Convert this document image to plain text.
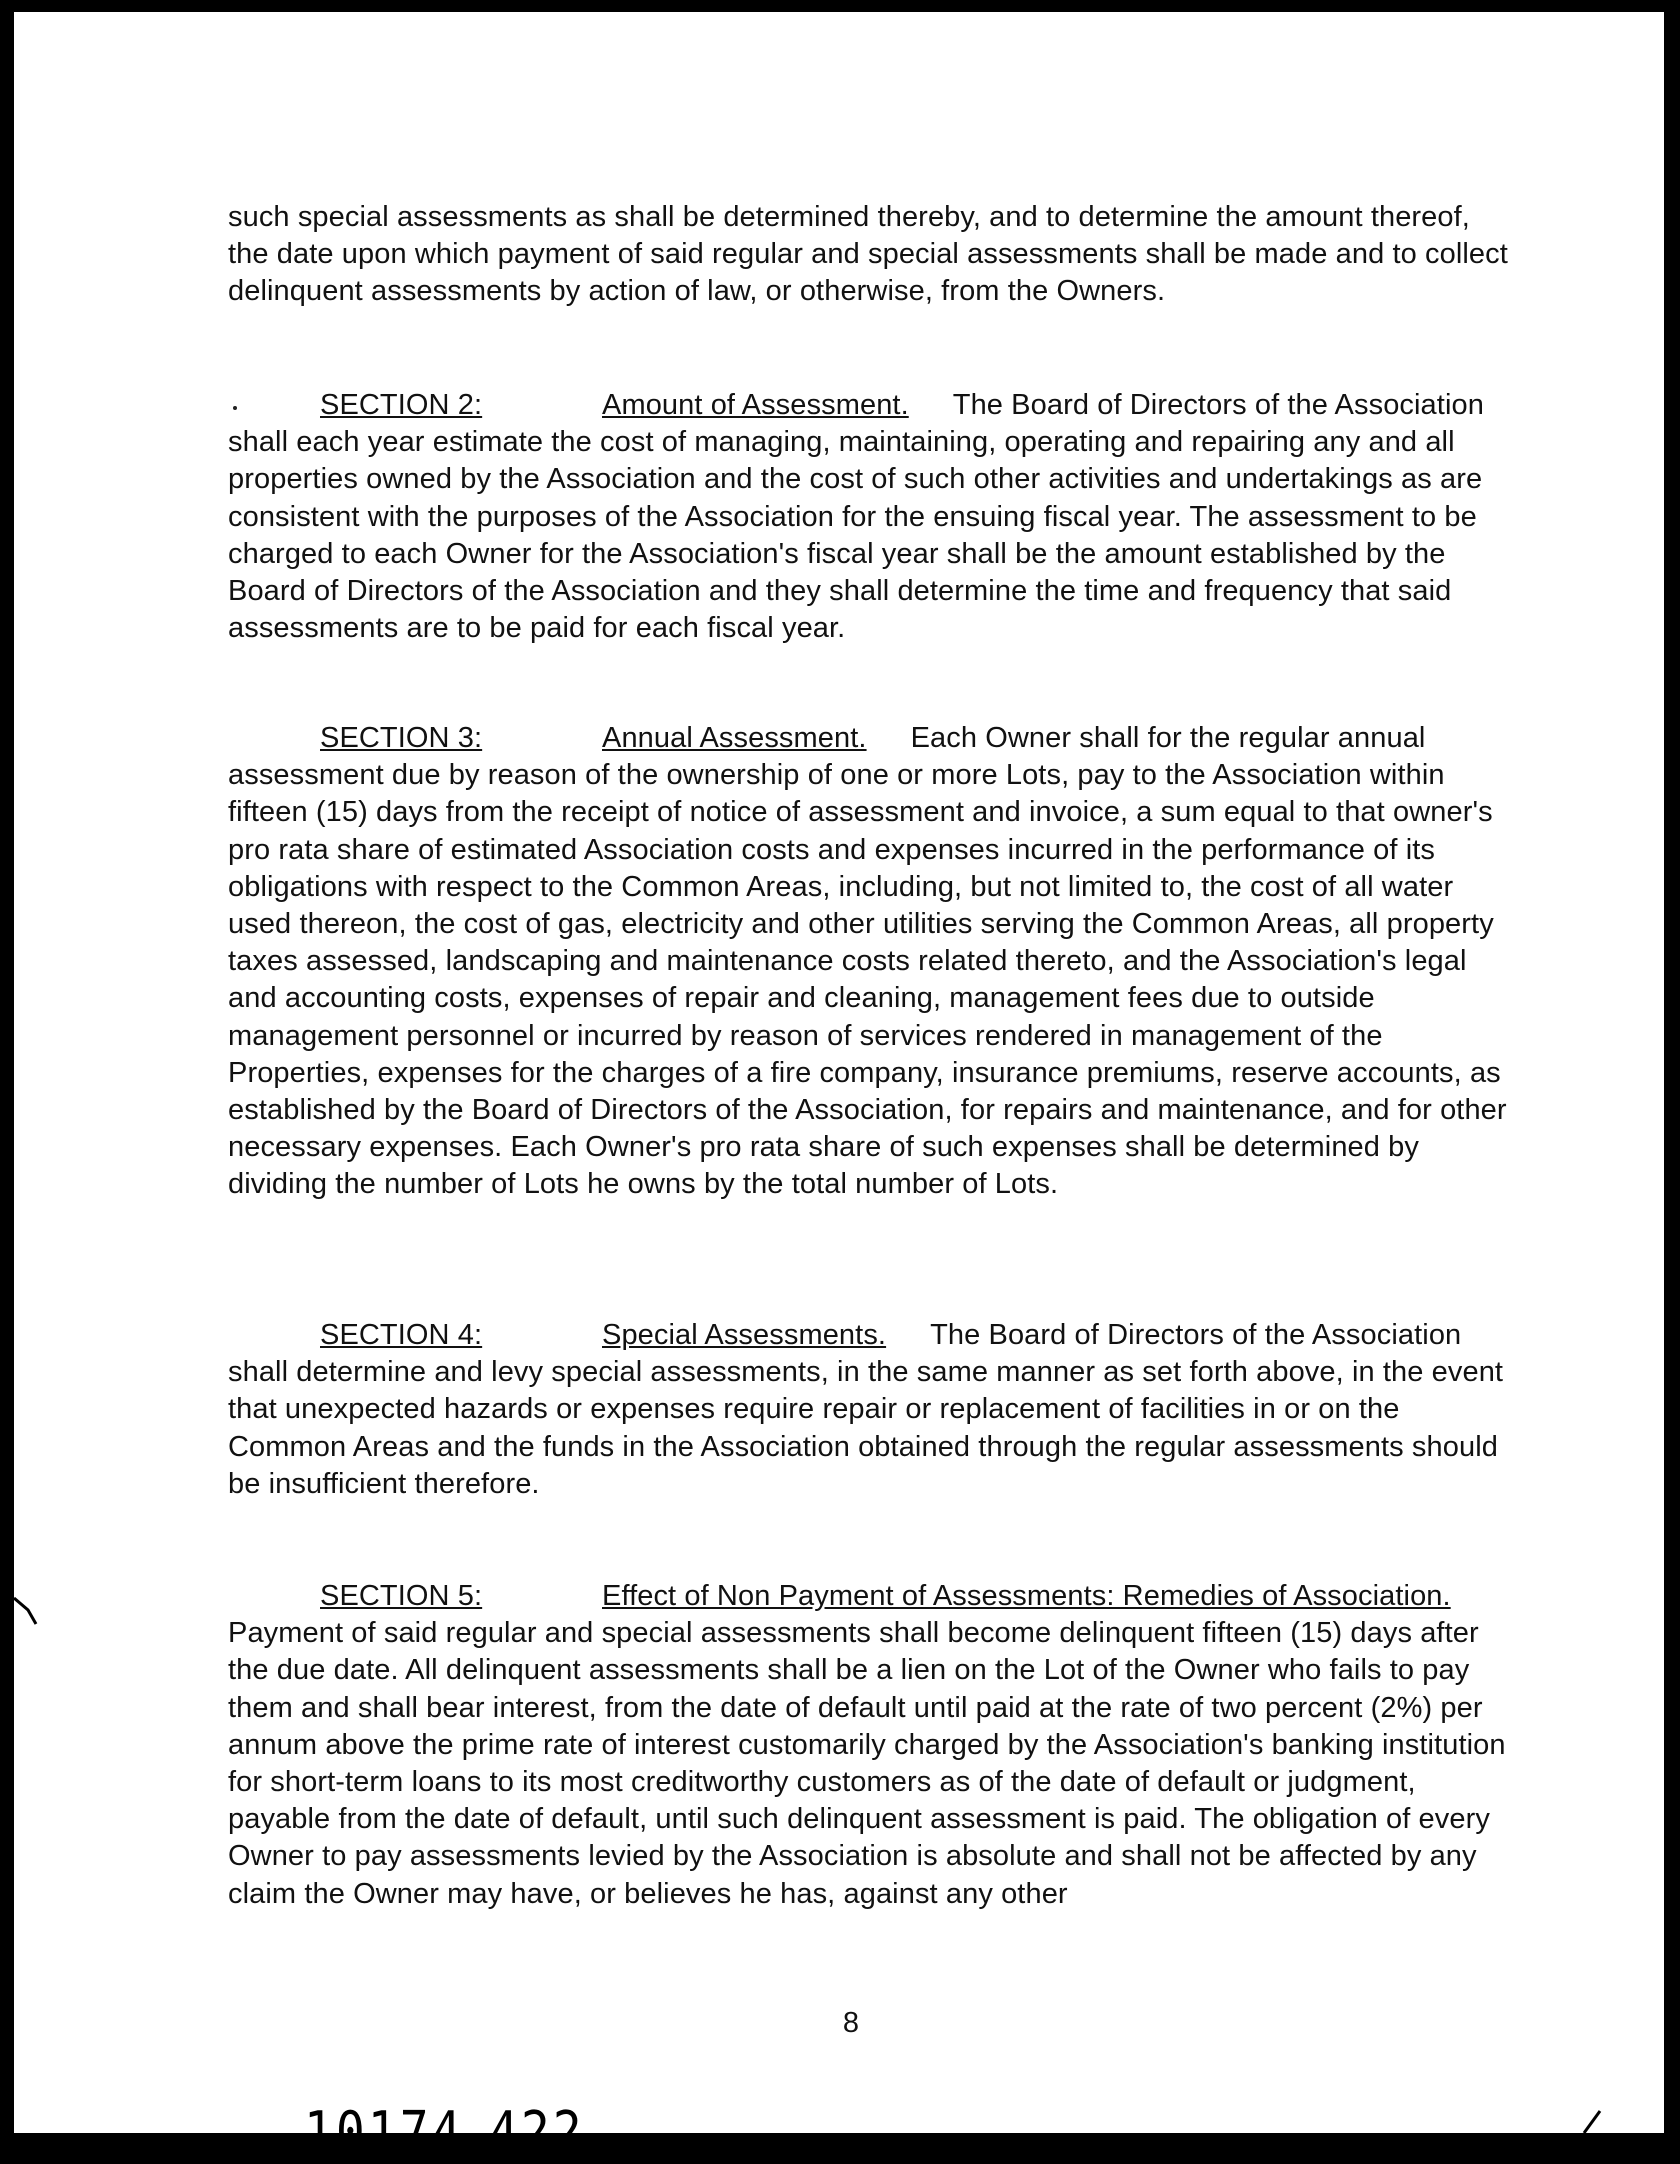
such special assessments as shall be determined thereby, and to determine the amount thereof, the date upon which payment of said regular and special assessments shall be made and to collect delinquent assessments by action of law, or otherwise, from the Owners.

SECTION 2:	Amount of Assessment. The Board of Directors of the Association shall each year estimate the cost of managing, maintaining, operating and repairing any and all properties owned by the Association and the cost of such other activities and undertakings as are consistent with the purposes of the Association for the ensuing fiscal year. The assessment to be charged to each Owner for the Association's fiscal year shall be the amount established by the Board of Directors of the Association and they shall determine the time and frequency that said assessments are to be paid for each fiscal year.

SECTION 3:	Annual Assessment. Each Owner shall for the regular annual assessment due by reason of the ownership of one or more Lots, pay to the Association within fifteen (15) days from the receipt of notice of assessment and invoice, a sum equal to that owner's pro rata share of estimated Association costs and expenses incurred in the performance of its obligations with respect to the Common Areas, including, but not limited to, the cost of all water used thereon, the cost of gas, electricity and other utilities serving the Common Areas, all property taxes assessed, landscaping and maintenance costs related thereto, and the Association's legal and accounting costs, expenses of repair and cleaning, management fees due to outside management personnel or incurred by reason of services rendered in management of the Properties, expenses for the charges of a fire company, insurance premiums, reserve accounts, as established by the Board of Directors of the Association, for repairs and maintenance, and for other necessary expenses. Each Owner's pro rata share of such expenses shall be determined by dividing the number of Lots he owns by the total number of Lots.

SECTION 4:	Special Assessments. The Board of Directors of the Association shall determine and levy special assessments, in the same manner as set forth above, in the event that unexpected hazards or expenses require repair or replacement of facilities in or on the Common Areas and the funds in the Association obtained through the regular assessments should be insufficient therefore.

SECTION 5:	Effect of Non Payment of Assessments: Remedies of Association.Payment of said regular and special assessments shall become delinquent fifteen (15) days after the due date. All delinquent assessments shall be a lien on the Lot of the Owner who fails to pay them and shall bear interest, from the date of default until paid at the rate of two percent (2%) per annum above the prime rate of interest customarily charged by the Association's banking institution for short-term loans to its most creditworthy customers as of the date of default or judgment, payable from the date of default, until such delinquent assessment is paid. The obligation of every Owner to pay assessments levied by the Association is absolute and shall not be affected by any claim the Owner may have, or believes he has, against any other

8
10174 422
